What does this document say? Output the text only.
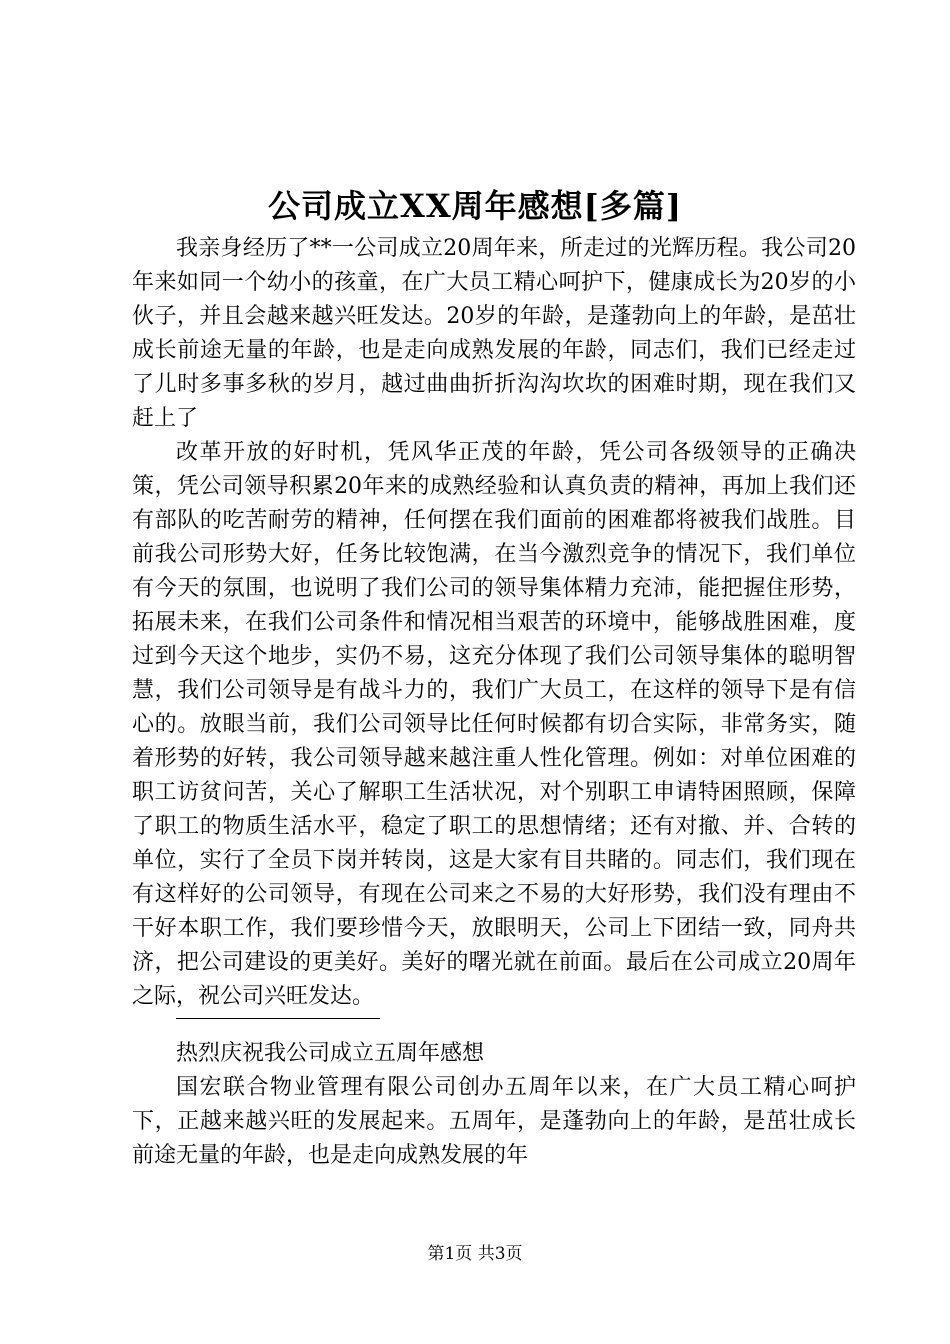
公司成立XX周年感想[多篇]

我亲身经历了**一公司成立20周年来，所走过的光辉历程。我公司20年来如同一个幼小的孩童，在广大员工精心呵护下，健康成长为20岁的小伙子，并且会越来越兴旺发达。20岁的年龄，是蓬勃向上的年龄，是茁壮成长前途无量的年龄，也是走向成熟发展的年龄，同志们，我们已经走过了儿时多事多秋的岁月，越过曲曲折折沟沟坎坎的困难时期，现在我们又赶上了

改革开放的好时机，凭风华正茂的年龄，凭公司各级领导的正确决策，凭公司领导积累20年来的成熟经验和认真负责的精神，再加上我们还有部队的吃苦耐劳的精神，任何摆在我们面前的困难都将被我们战胜。目前我公司形势大好，任务比较饱满，在当今激烈竞争的情况下，我们单位有今天的氛围，也说明了我们公司的领导集体精力充沛，能把握住形势，拓展未来，在我们公司条件和情况相当艰苦的环境中，能够战胜困难，度过到今天这个地步，实仍不易，这充分体现了我们公司领导集体的聪明智慧，我们公司领导是有战斗力的，我们广大员工，在这样的领导下是有信心的。放眼当前，我们公司领导比任何时候都有切合实际，非常务实，随着形势的好转，我公司领导越来越注重人性化管理。例如：对单位困难的职工访贫问苦，关心了解职工生活状况，对个别职工申请特困照顾，保障了职工的物质生活水平，稳定了职工的思想情绪；还有对撤、并、合转的单位，实行了全员下岗并转岗，这是大家有目共睹的。同志们，我们现在有这样好的公司领导，有现在公司来之不易的大好形势，我们没有理由不干好本职工作，我们要珍惜今天，放眼明天，公司上下团结一致，同舟共济，把公司建设的更美好。美好的曙光就在前面。最后在公司成立20周年之际，祝公司兴旺发达。

热烈庆祝我公司成立五周年感想

国宏联合物业管理有限公司创办五周年以来，在广大员工精心呵护下，正越来越兴旺的发展起来。五周年，是蓬勃向上的年龄，是茁壮成长前途无量的年龄，也是走向成熟发展的年

第1页 共3页
